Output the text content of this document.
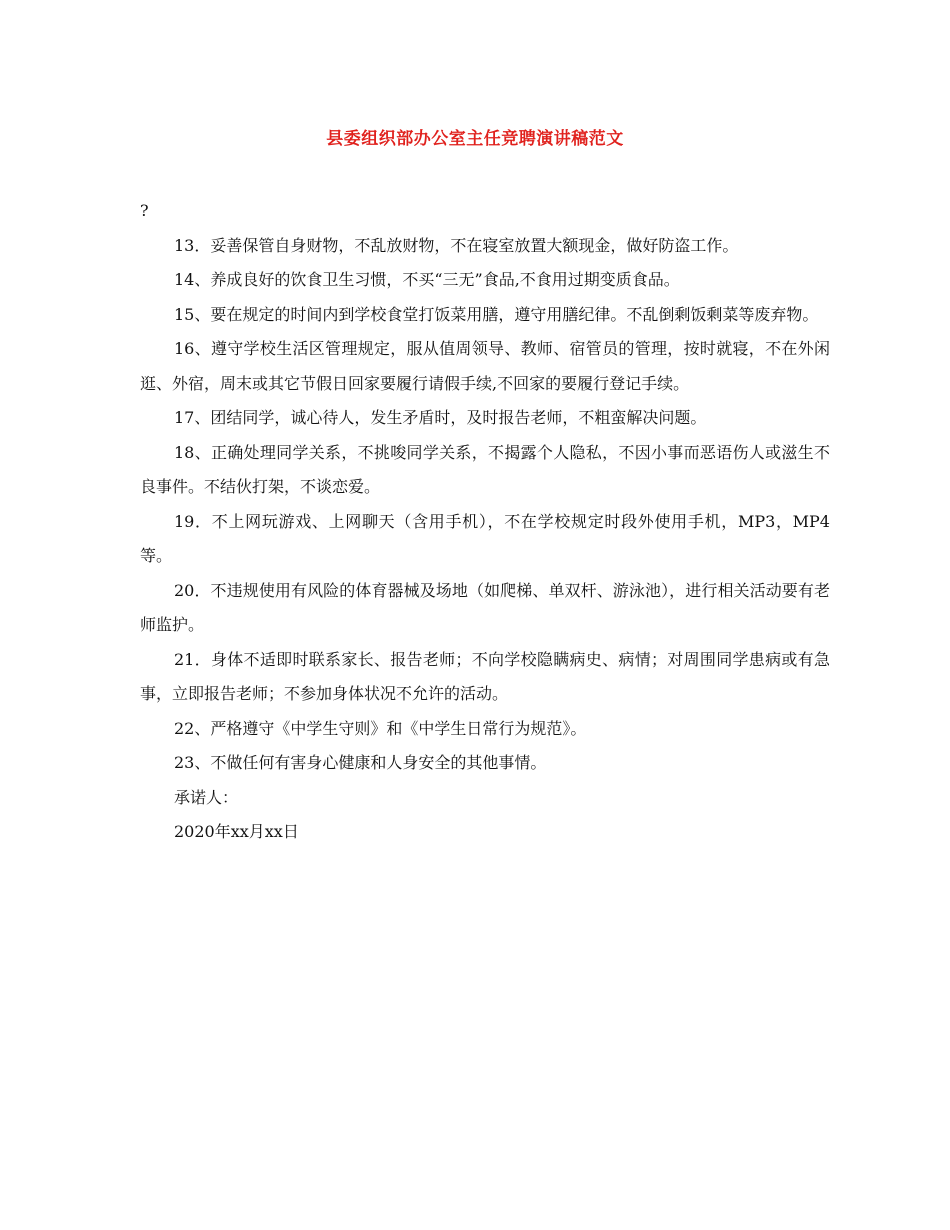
县委组织部办公室主任竞聘演讲稿范文

?

13．妥善保管自身财物，不乱放财物，不在寝室放置大额现金，做好防盗工作。

14、养成良好的饮食卫生习惯，不买“三无”食品,不食用过期变质食品。

15、要在规定的时间内到学校食堂打饭菜用膳，遵守用膳纪律。不乱倒剩饭剩菜等废弃物。

16、遵守学校生活区管理规定，服从值周领导、教师、宿管员的管理，按时就寝，不在外闲逛、外宿，周末或其它节假日回家要履行请假手续,不回家的要履行登记手续。

17、团结同学，诚心待人，发生矛盾时，及时报告老师，不粗蛮解决问题。

18、正确处理同学关系，不挑唆同学关系，不揭露个人隐私，不因小事而恶语伤人或滋生不良事件。不结伙打架，不谈恋爱。

19．不上网玩游戏、上网聊天（含用手机），不在学校规定时段外使用手机，MP3，MP4等。

20．不违规使用有风险的体育器械及场地（如爬梯、单双杆、游泳池），进行相关活动要有老师监护。

21．身体不适即时联系家长、报告老师；不向学校隐瞒病史、病情；对周围同学患病或有急事，立即报告老师；不参加身体状况不允许的活动。

22、严格遵守《中学生守则》和《中学生日常行为规范》。

23、不做任何有害身心健康和人身安全的其他事情。

承诺人：

2020年xx月xx日
